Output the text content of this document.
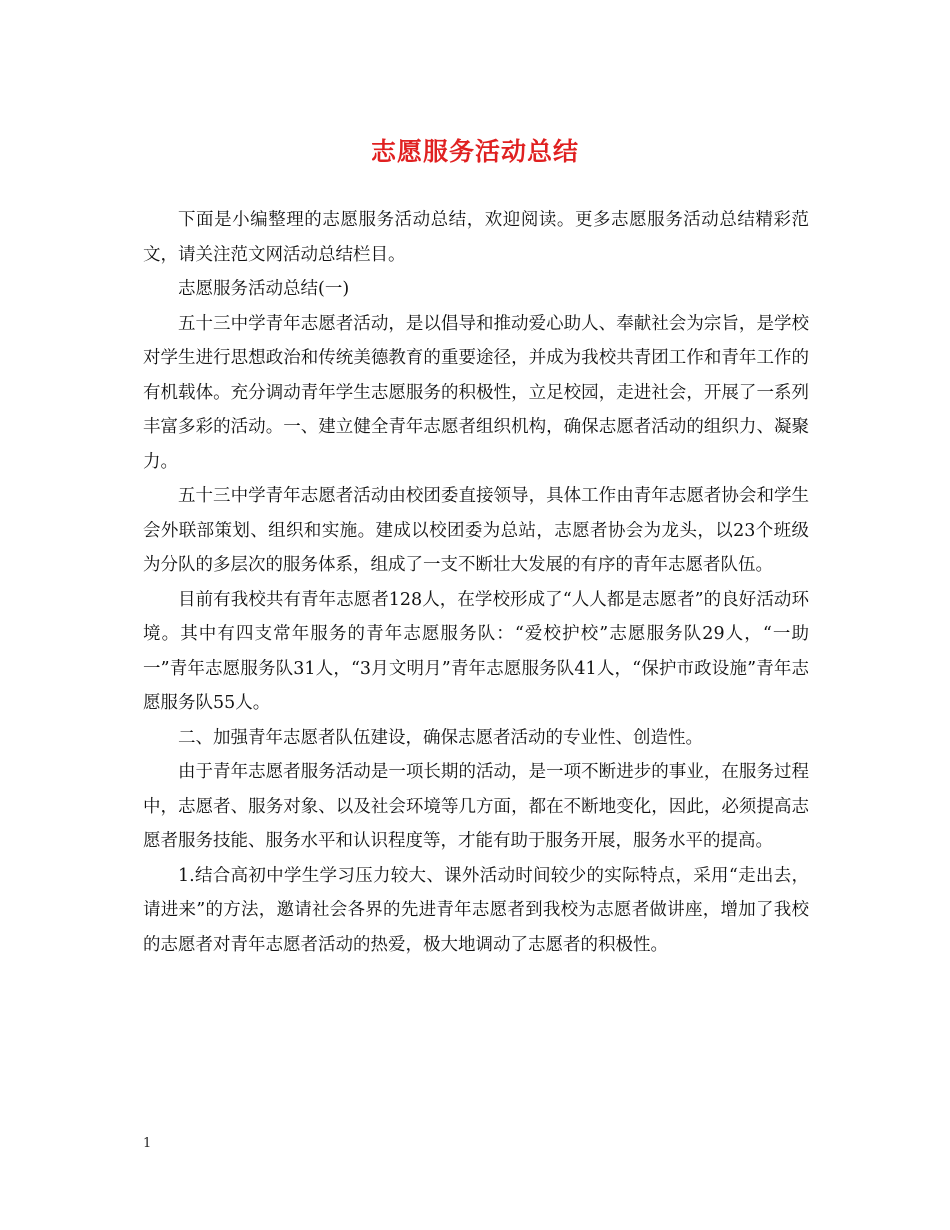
志愿服务活动总结

下面是小编整理的志愿服务活动总结，欢迎阅读。更多志愿服务活动总结精彩范文，请关注范文网活动总结栏目。

志愿服务活动总结(一)

五十三中学青年志愿者活动，是以倡导和推动爱心助人、奉献社会为宗旨，是学校对学生进行思想政治和传统美德教育的重要途径，并成为我校共青团工作和青年工作的有机载体。充分调动青年学生志愿服务的积极性，立足校园，走进社会，开展了一系列丰富多彩的活动。一、建立健全青年志愿者组织机构，确保志愿者活动的组织力、凝聚力。

五十三中学青年志愿者活动由校团委直接领导，具体工作由青年志愿者协会和学生会外联部策划、组织和实施。建成以校团委为总站，志愿者协会为龙头，以23个班级为分队的多层次的服务体系，组成了一支不断壮大发展的有序的青年志愿者队伍。

目前有我校共有青年志愿者128人，在学校形成了“人人都是志愿者”的良好活动环境。其中有四支常年服务的青年志愿服务队：“爱校护校”志愿服务队29人，“一助一”青年志愿服务队31人，“3月文明月”青年志愿服务队41人，“保护市政设施”青年志愿服务队55人。

二、加强青年志愿者队伍建设，确保志愿者活动的专业性、创造性。

由于青年志愿者服务活动是一项长期的活动，是一项不断进步的事业，在服务过程中，志愿者、服务对象、以及社会环境等几方面，都在不断地变化，因此，必须提高志愿者服务技能、服务水平和认识程度等，才能有助于服务开展，服务水平的提高。

1.结合高初中学生学习压力较大、课外活动时间较少的实际特点，采用“走出去，请进来”的方法，邀请社会各界的先进青年志愿者到我校为志愿者做讲座，增加了我校的志愿者对青年志愿者活动的热爱，极大地调动了志愿者的积极性。

1
